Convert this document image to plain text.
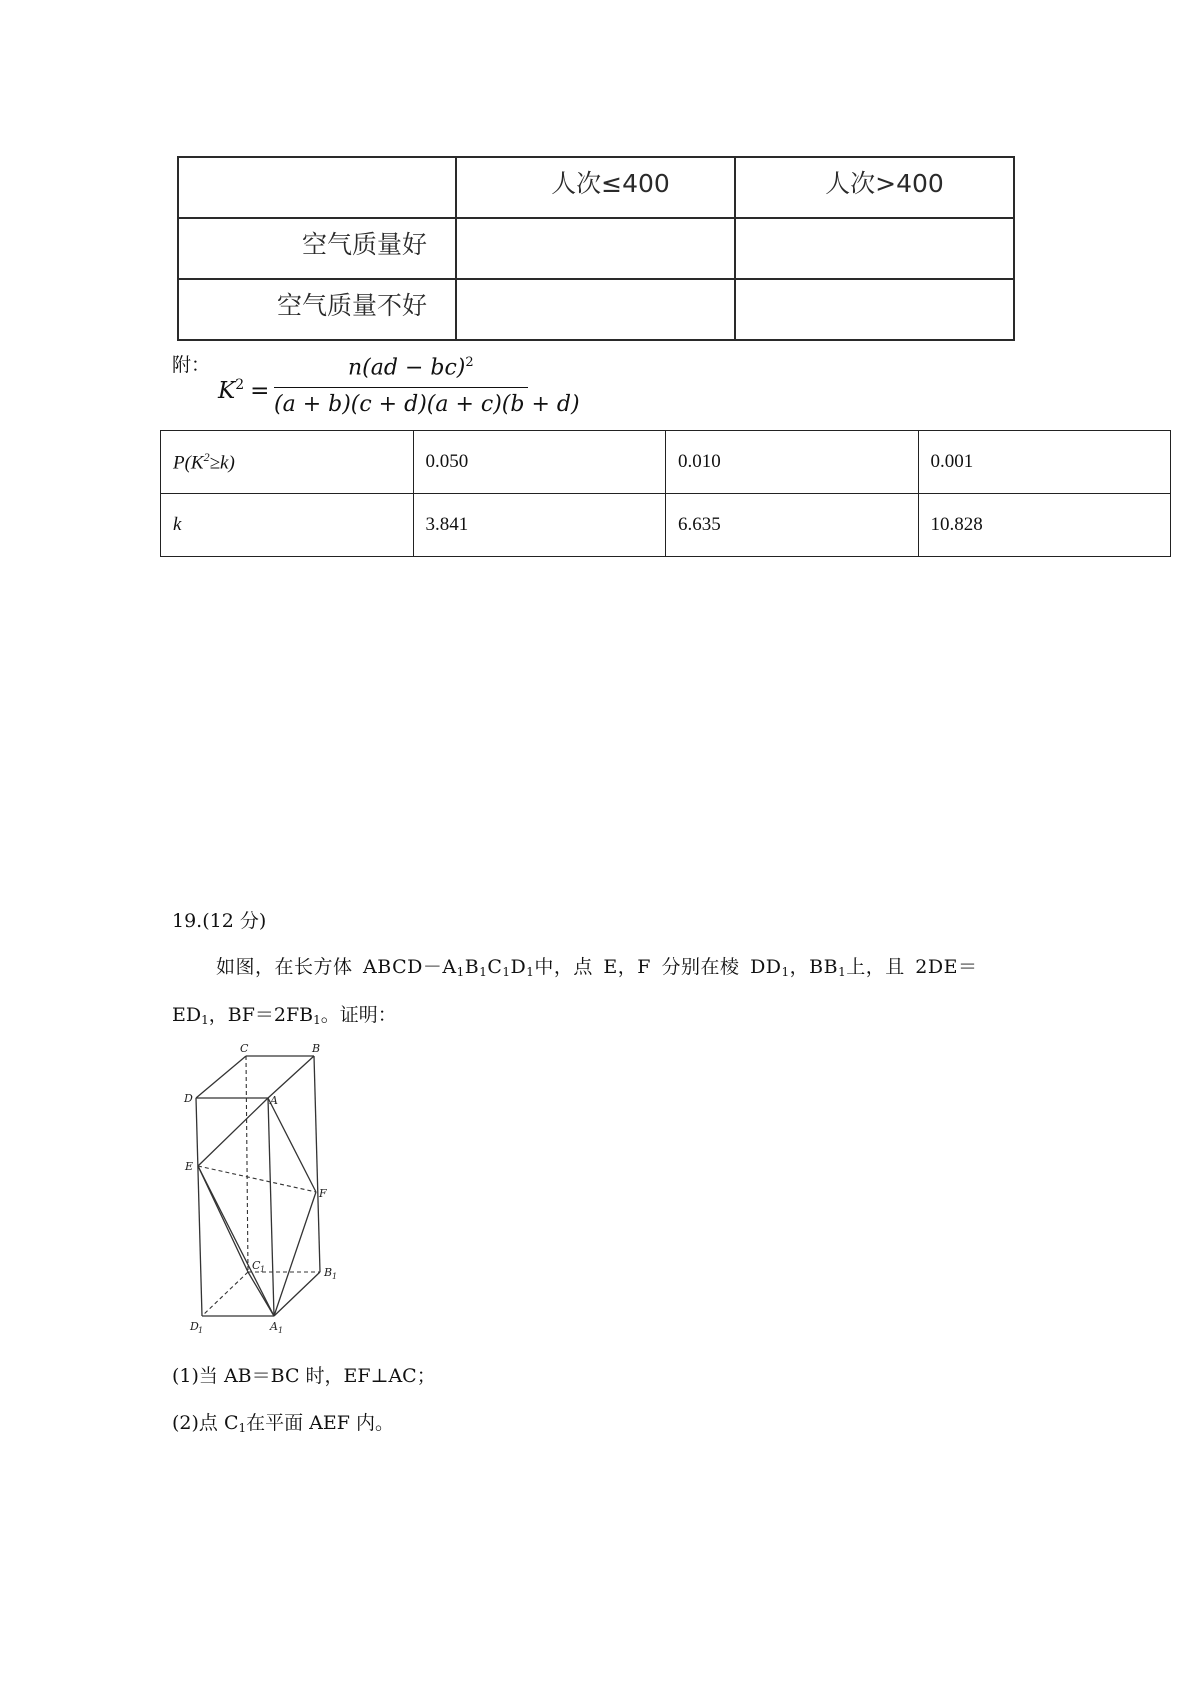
	人次≤400	人次>400
空气质量好		
空气质量不好		
附：
$K^2$ =
n(ad − bc)$^2$
(a + b)(c + d)(a + c)(b + d)
$P(K^2\ge k)$	0.050	0.010	0.001
k	3.841	6.635	10.828
19.(12 分)
如图，在长方体 $ABCD-A_1B_1C_1D_1$中，点 E，F 分别在棱 $DD_1$，$BB_1$上，且 2DE＝
$ED_1$，$BF=2FB_1$。证明：
C	B
D	A
E
F
C 1	B 1
D 1	A 1
(1)当 AB＝BC 时，EF⊥AC；
(2)点 $C_1$在平面 AEF 内。
